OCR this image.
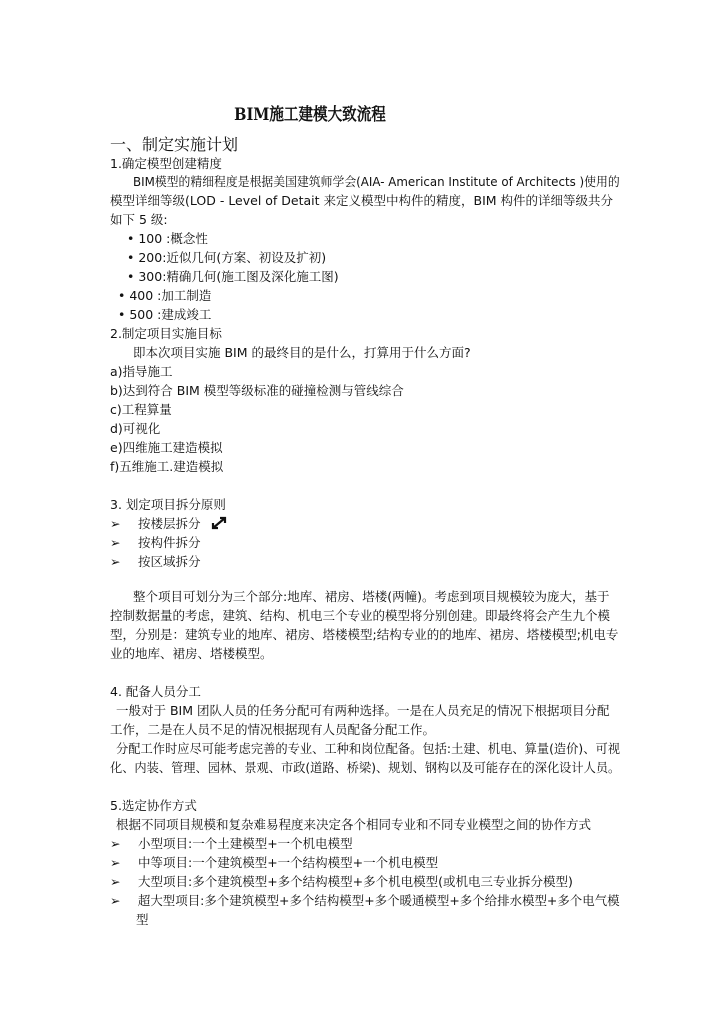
BIM施工建模大致流程
一、制定实施计划
1.确定模型创建精度
BIM模型的精细程度是根据美国建筑师学会(AIA- American Institute of Architects )使用的
模型详细等级(LOD - Level of Detait 来定义模型中构件的精度，BIM 构件的详细等级共分
如下 5 级:
• 100 :概念性
• 200:近似几何(方案、初设及扩初)
• 300:精确几何(施工图及深化施工图)
• 400 :加工制造
• 500 :建成竣工
2.制定项目实施目标
即本次项目实施 BIM 的最终目的是什么，打算用于什么方面?
a)指导施工
b)达到符合 BIM 模型等级标准的碰撞检测与管线综合
c)工程算量
d)可视化
e)四维施工建造模拟
f)五维施工.建造模拟
3. 划定项目拆分原则
➢ 按楼层拆分
➢ 按构件拆分
➢ 按区域拆分
整个项目可划分为三个部分:地库、裙房、塔楼(两幢)。考虑到项目规模较为庞大，基于
控制数据量的考虑，建筑、结构、机电三个专业的模型将分别创建。即最终将会产生九个模
型，分别是：建筑专业的地库、裙房、塔楼模型;结构专业的的地库、裙房、塔楼模型;机电专
业的地库、裙房、塔楼模型。
4. 配备人员分工
一般对于 BIM 团队人员的任务分配可有两种选择。一是在人员充足的情况下根据项目分配
工作，二是在人员不足的情况根据现有人员配备分配工作。
分配工作时应尽可能考虑完善的专业、工种和岗位配备。包括:土建、机电、算量(造价)、可视
化、内装、管理、园林、景观、市政(道路、桥梁)、规划、钢构以及可能存在的深化设计人员。
5.选定协作方式
根据不同项目规模和复杂难易程度来决定各个相同专业和不同专业模型之间的协作方式
➢ 小型项目:一个土建模型+一个机电模型
➢ 中等项目:一个建筑模型+一个结构模型+一个机电模型
➢ 大型项目:多个建筑模型+多个结构模型+多个机电模型(或机电三专业拆分模型)
➢ 超大型项目:多个建筑模型+多个结构模型+多个暖通模型+多个给排水模型+多个电气模
型
